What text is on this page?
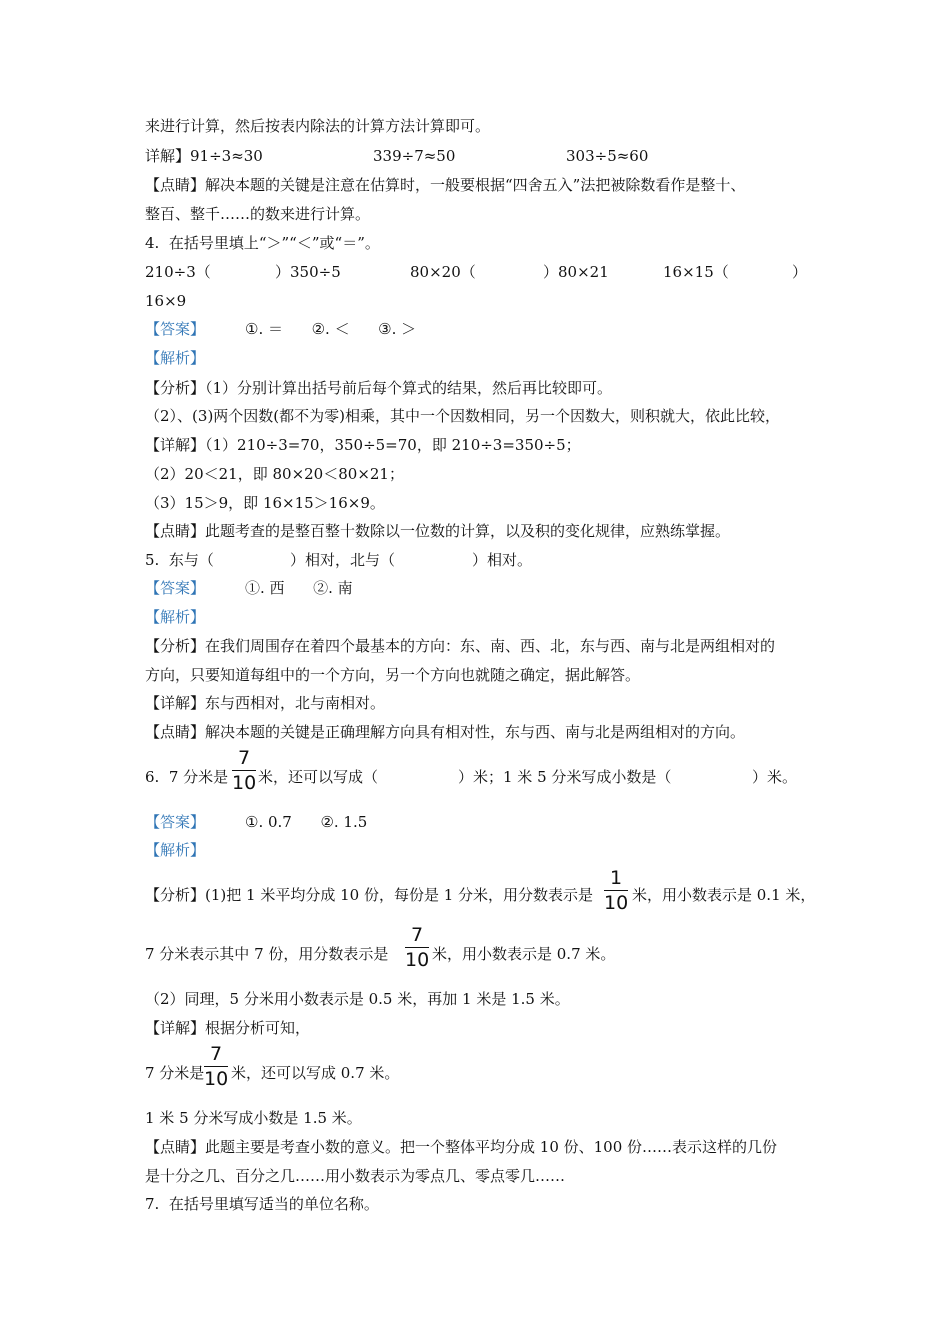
来进行计算，然后按表内除法的计算方法计算即可。
详解】91÷3≈30	339÷7≈50	303÷5≈60
【点睛】解决本题的关键是注意在估算时，一般要根据“四舍五入”法把被除数看作是整十、
整百、整千……的数来进行计算。
4.  在括号里填上“＞”“＜”或“＝”。
210÷3（	）350÷5	80×20（	）80×21	16×15（	）
16×9
【答案】	①. ＝      ②. ＜      ③. ＞
【解析】
【分析】（1）分别计算出括号前后每个算式的结果，然后再比较即可。
（2）、(3)两个因数(都不为零)相乘，其中一个因数相同，另一个因数大，则积就大，依此比较，
【详解】（1）210÷3=70，350÷5=70，即 210÷3=350÷5；
（2）20＜21，即 80×20＜80×21；
（3）15＞9，即 16×15＞16×9。
【点睛】此题考查的是整百整十数除以一位数的计算，以及积的变化规律，应熟练掌握。
5.  东与（	）相对，北与（	）相对。
【答案】	①. 西      ②. 南
【解析】
【分析】在我们周围存在着四个最基本的方向：东、南、西、北，东与西、南与北是两组相对的
方向，只要知道每组中的一个方向，另一个方向也就随之确定，据此解答。
【详解】东与西相对，北与南相对。
【点睛】解决本题的关键是正确理解方向具有相对性，东与西、南与北是两组相对的方向。
6.  7 分米是
7
10 米，还可以写成（	）米；1 米 5 分米写成小数是（	）米。
【答案】	①. 0.7      ②. 1.5
【解析】
【分析】(1)把 1 米平均分成 10 份，每份是 1 分米，用分数表示是
1
10 米，用小数表示是 0.1 米，
7 分米表示其中 7 份，用分数表示是
7
10 米，用小数表示是 0.7 米。
（2）同理，5 分米用小数表示是 0.5 米，再加 1 米是 1.5 米。
【详解】根据分析可知，
7 分米是
7
10 米，还可以写成 0.7 米。
1 米 5 分米写成小数是 1.5 米。
【点睛】此题主要是考查小数的意义。把一个整体平均分成 10 份、100 份……表示这样的几份
是十分之几、百分之几……用小数表示为零点几、零点零几……
7.  在括号里填写适当的单位名称。
